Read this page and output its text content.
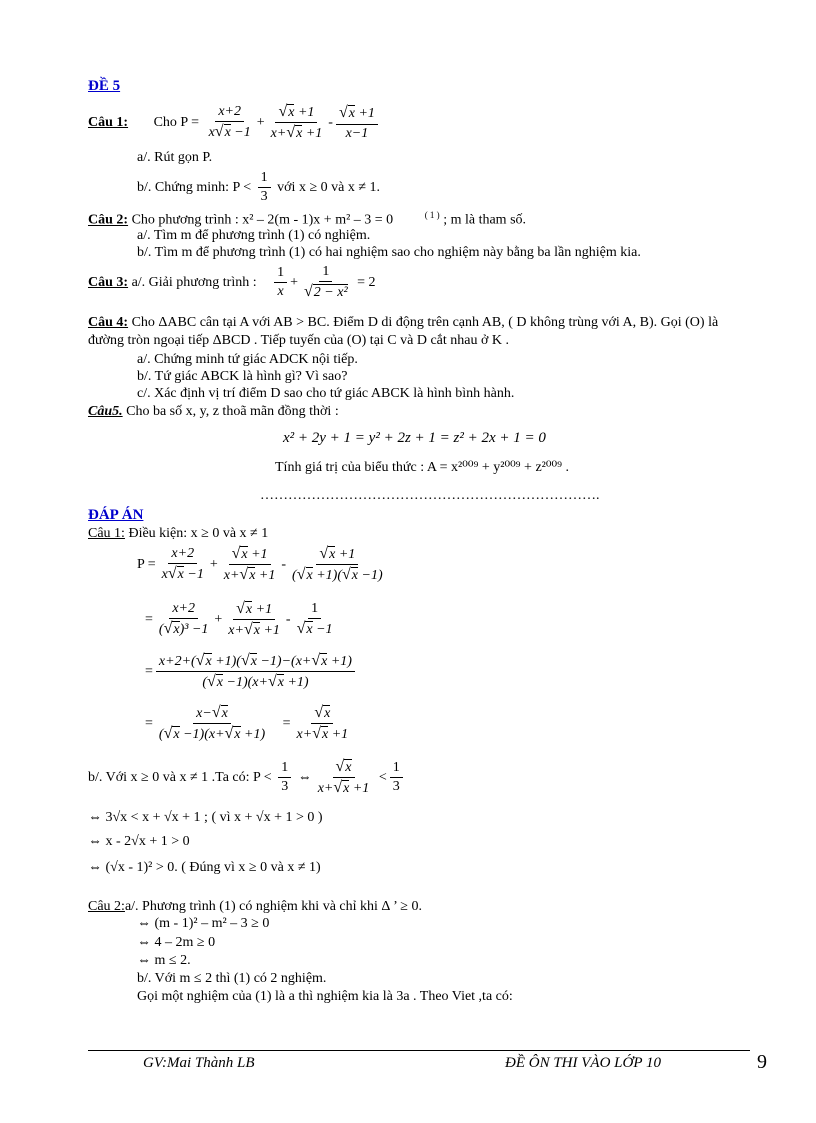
ĐỀ 5
Câu 1: Cho $P = \frac{x+2}{x√x -1} + \frac{√x +1}{x+√x +1} - \frac{√x +1}{x-1}$
a/. Rút gọn P.
b/. Chứng minh: $P < \frac{1}{3}$ với x ≥ 0 và x ≠ 1.
Câu 2: Cho phương trình : x² – 2(m - 1)x + m² – 3 = 0	$^{( 1 )}$ ; m là tham số.
a/. Tìm m để phương trình (1) có nghiệm.
b/. Tìm m để phương trình (1) có hai nghiệm sao cho nghiệm này bằng ba lần nghiệm kia.
Câu 3: a/. Giải phương trình : $\frac{1}{x} + \frac{1}{\text{√2 − x²}} = 2$
Câu 4: Cho ΔABC cân tại A với AB > BC. Điểm D di động trên cạnh AB, ( D không trùng với A, B). Gọi (O) là
đường tròn ngoại tiếp ΔBCD . Tiếp tuyến của (O) tại C và D cắt nhau ở K .
a/. Chứng minh tứ giác ADCK nội tiếp.
b/. Tứ giác ABCK là hình gì? Vì sao?
c/. Xác định vị trí điểm D sao cho tứ giác ABCK là hình bình hành.
Câu5. Cho ba số x, y, z thoã mãn đồng thời :
x² + 2y + 1 = y² + 2z + 1 = z² + 2x + 1 = 0
Tính giá trị của biểu thức : A = x²⁰⁰⁹ + y²⁰⁰⁹ + z²⁰⁰⁹ .
……………………………………………………………….
ĐÁP ÁN
Câu 1: Điều kiện: x ≥ 0 và x ≠ 1
$P = \frac{x+2}{x√x -1} + \frac{√x +1}{x+√x +1} - \frac{√x +1}{(√x +1)(√x -1)}$
= $\frac{x+2}{\text{(√x)³ −1}} + \frac{√x +1}{x+√x +1} - \frac{1}{√x -1}$
= $\frac{x+2+(√x +1)(√x -1)-(x+√x +1)}{(√x -1)(x+√x +1)}$
= $\frac{x-√x}{(√x -1)(x+√x +1)} = \frac{√x}{x+√x +1}$
b/. Với x ≥ 0 và x ≠ 1 .Ta có: $P < \frac{1}{3}$ ⇔ $\frac{√x}{x+√x +1} < \frac{1}{3}$
⇔ 3√x < x + √x + 1 ; ( vì x + √x + 1 > 0 )
⇔ x - 2√x + 1 > 0
⇔ (√x - 1)² > 0. ( Đúng vì x ≥ 0 và x ≠ 1)
Câu 2:a/. Phương trình (1) có nghiệm khi và chỉ khi Δ ’ ≥ 0.
⇔ (m - 1)² – m² – 3 ≥ 0
⇔ 4 – 2m ≥ 0
⇔ m ≤ 2.
b/. Với m ≤ 2 thì (1) có 2 nghiệm.
Gọi một nghiệm của (1) là a thì nghiệm kia là 3a . Theo Viet ,ta có:
GV:Mai Thành LB	ĐỀ ÔN THI VÀO LỚP 10	9
